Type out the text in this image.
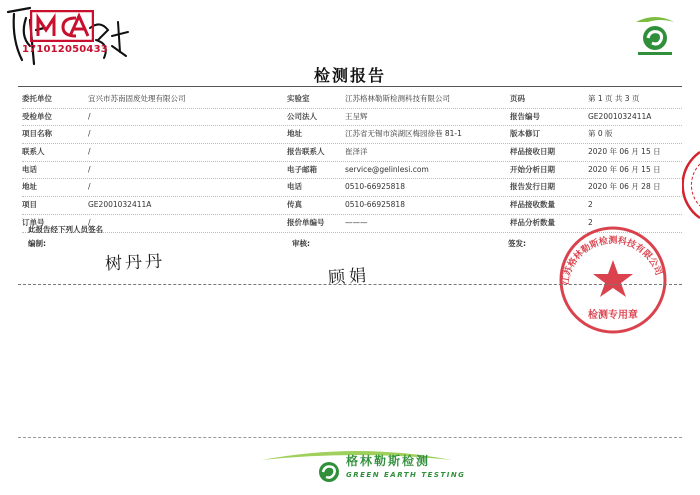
171012050433
检测报告
委托单位	宜兴市苏南固废处理有限公司	实验室	江苏格林勒斯检测科技有限公司	页码	第 1 页 共 3 页
受检单位	/	公司法人	王呈辉	报告编号	GE2001032411A
项目名称	/	地址	江苏省无锡市滨湖区梅园徐巷 81-1	版本修订	第 0 版
联系人	/	报告联系人	崔泽洋	样品接收日期	2020 年 06 月 15 日
电话	/	电子邮箱	service@gelinlesi.com	开始分析日期	2020 年 06 月 15 日
地址	/	电话	0510-66925818	报告发行日期	2020 年 06 月 28 日
项目	GE2001032411A	传真	0510-66925818	样品接收数量	2
订单号	/	报价单编号	———	样品分析数量	2
此报告经下列人员签名
编制:	审核:	签发:
树丹丹
顾娟	江苏格林勒斯检测科技有限公司
检测专用章
格林勒斯检测
GREEN EARTH TESTING
